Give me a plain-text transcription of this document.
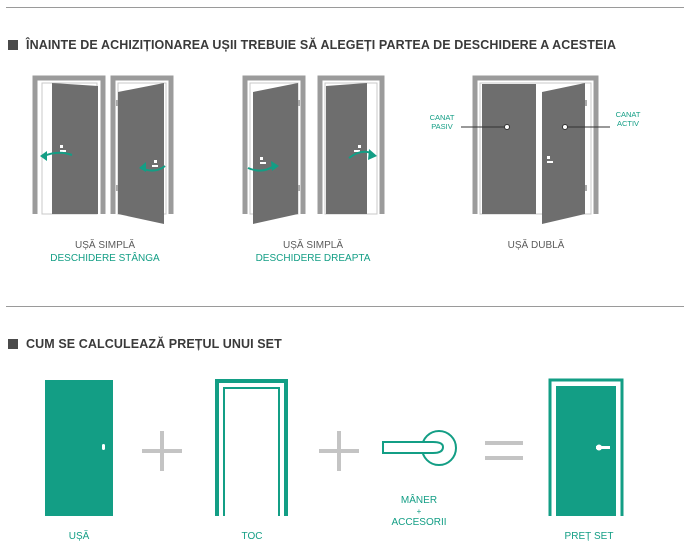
ÎNAINTE DE ACHIZIȚIONAREA UȘII TREBUIE SĂ ALEGEȚI PARTEA DE DESCHIDERE A ACESTEIA
UȘĂ SIMPLĂ
DESCHIDERE STÂNGA
UȘĂ SIMPLĂ
DESCHIDERE DREAPTA
UȘĂ DUBLĂ
CANAT
PASIV
CANAT
ACTIV
CUM SE CALCULEAZĂ PREȚUL UNUI SET
UȘĂ	TOC
MÂNER
+
ACCESORII
PREȚ SET
